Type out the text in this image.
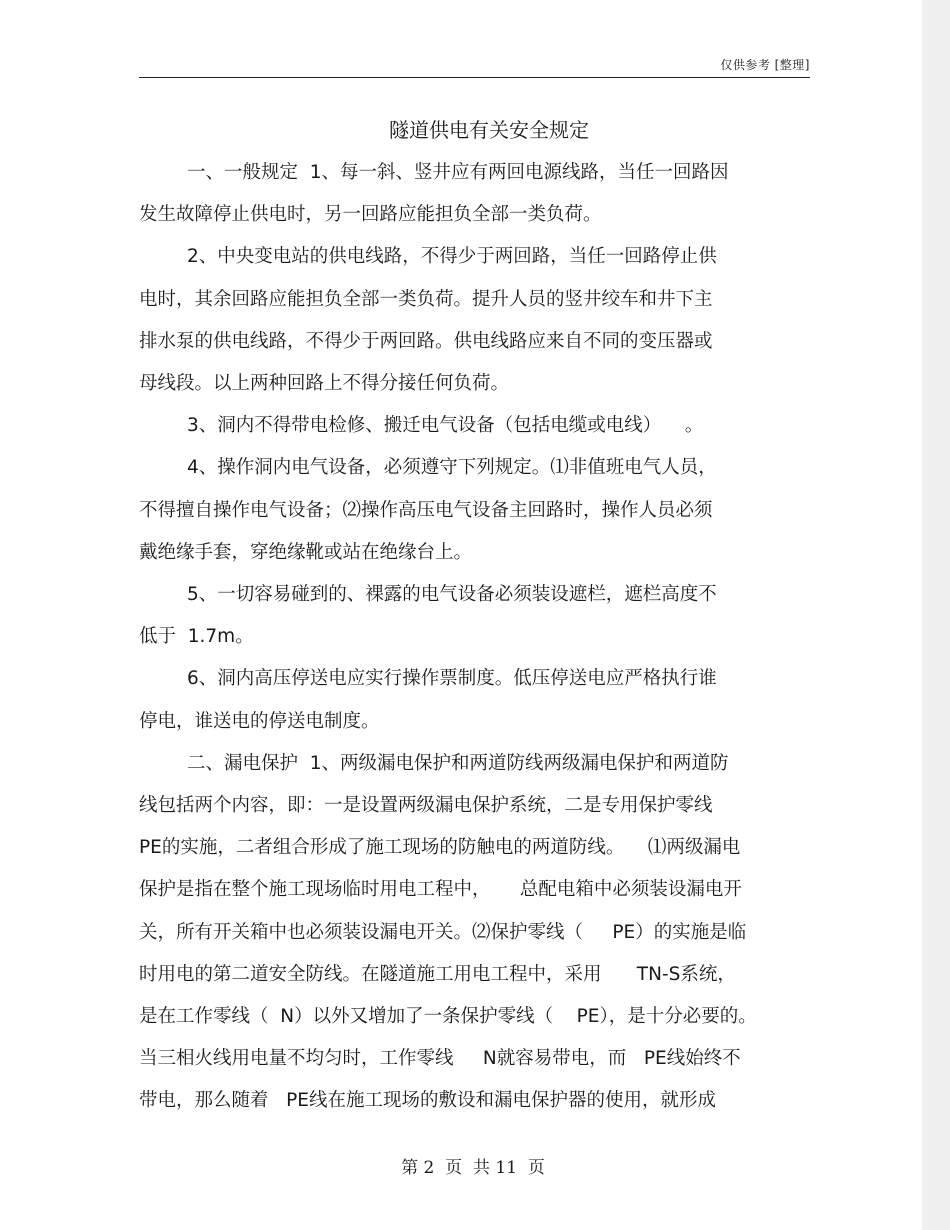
仅供参考 [整理]
隧道供电有关安全规定
一、一般规定  1、每一斜、竖井应有两回电源线路，当任一回路因
发生故障停止供电时，另一回路应能担负全部一类负荷。
2、中央变电站的供电线路，不得少于两回路，当任一回路停止供
电时，其余回路应能担负全部一类负荷。提升人员的竖井绞车和井下主
排水泵的供电线路，不得少于两回路。供电线路应来自不同的变压器或
母线段。以上两种回路上不得分接任何负荷。
3、洞内不得带电检修、搬迁电气设备（包括电缆或电线）    。
4、操作洞内电气设备，必须遵守下列规定。⑴非值班电气人员，
不得擅自操作电气设备；⑵操作高压电气设备主回路时，操作人员必须
戴绝缘手套，穿绝缘靴或站在绝缘台上。
5、一切容易碰到的、裸露的电气设备必须装设遮栏，遮栏高度不
低于  1.7m。
6、洞内高压停送电应实行操作票制度。低压停送电应严格执行谁
停电，谁送电的停送电制度。
二、漏电保护  1、两级漏电保护和两道防线两级漏电保护和两道防
线包括两个内容，即：一是设置两级漏电保护系统，二是专用保护零线
PE的实施，二者组合形成了施工现场的防触电的两道防线。    ⑴两级漏电
保护是指在整个施工现场临时用电工程中，     总配电箱中必须装设漏电开
关，所有开关箱中也必须装设漏电开关。⑵保护零线（     PE）的实施是临
时用电的第二道安全防线。在隧道施工用电工程中，采用      TN-S系统，
是在工作零线（  N）以外又增加了一条保护零线（    PE），是十分必要的。
当三相火线用电量不均匀时，工作零线     N就容易带电，而   PE线始终不
带电，那么随着   PE线在施工现场的敷设和漏电保护器的使用，就形成
第 2  页  共 11  页
